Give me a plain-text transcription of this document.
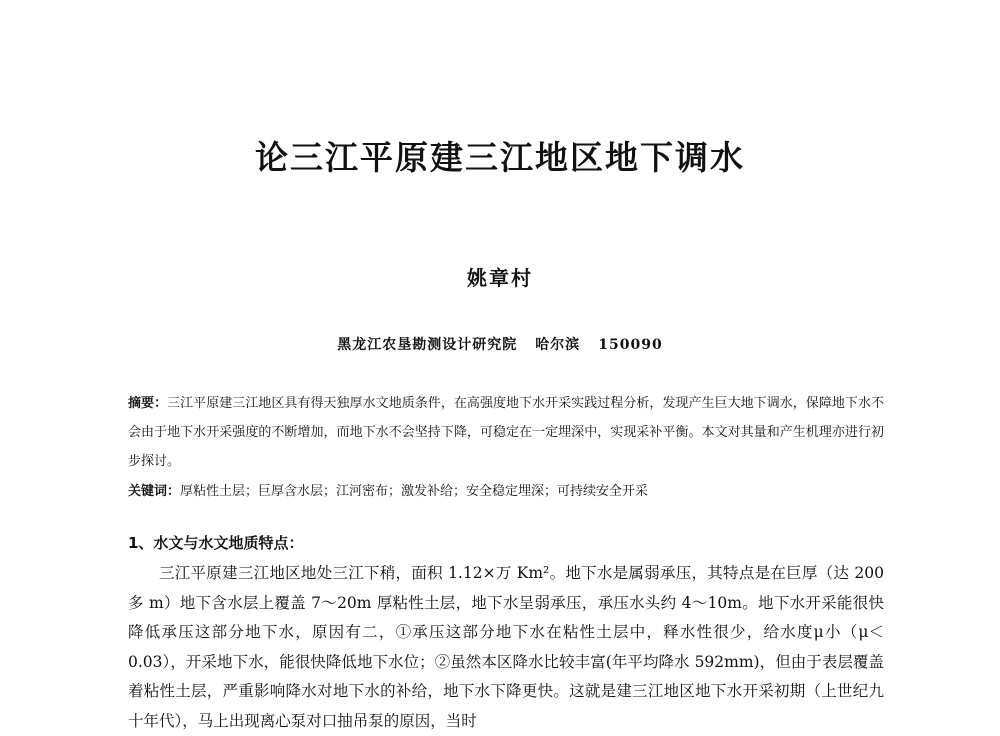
论三江平原建三江地区地下调水
姚章村
黑龙江农垦勘测设计研究院 哈尔滨 150090

摘要：三江平原建三江地区具有得天独厚水文地质条件，在高强度地下水开采实践过程分析，发现产生巨大地下调水，保障地下水不会由于地下水开采强度的不断增加，而地下水不会坚持下降，可稳定在一定埋深中，实现采补平衡。本文对其量和产生机理亦进行初步探讨。

关键词：厚粘性土层；巨厚含水层；江河密布；激发补给；安全稳定埋深；可持续安全开采

1、水文与水文地质特点：

三江平原建三江地区地处三江下稍，面积 1.12×万 Km²。地下水是属弱承压，其特点是在巨厚（达 200 多 m）地下含水层上覆盖 7～20m 厚粘性土层，地下水呈弱承压，承压水头约 4～10m。地下水开采能很快降低承压这部分地下水，原因有二，①承压这部分地下水在粘性土层中，释水性很少，给水度μ小（μ＜0.03），开采地下水，能很快降低地下水位；②虽然本区降水比较丰富(年平均降水 592mm)，但由于表层覆盖着粘性土层，严重影响降水对地下水的补给，地下水下降更快。这就是建三江地区地下水开采初期（上世纪九十年代），马上出现离心泵对口抽吊泵的原因，当时
